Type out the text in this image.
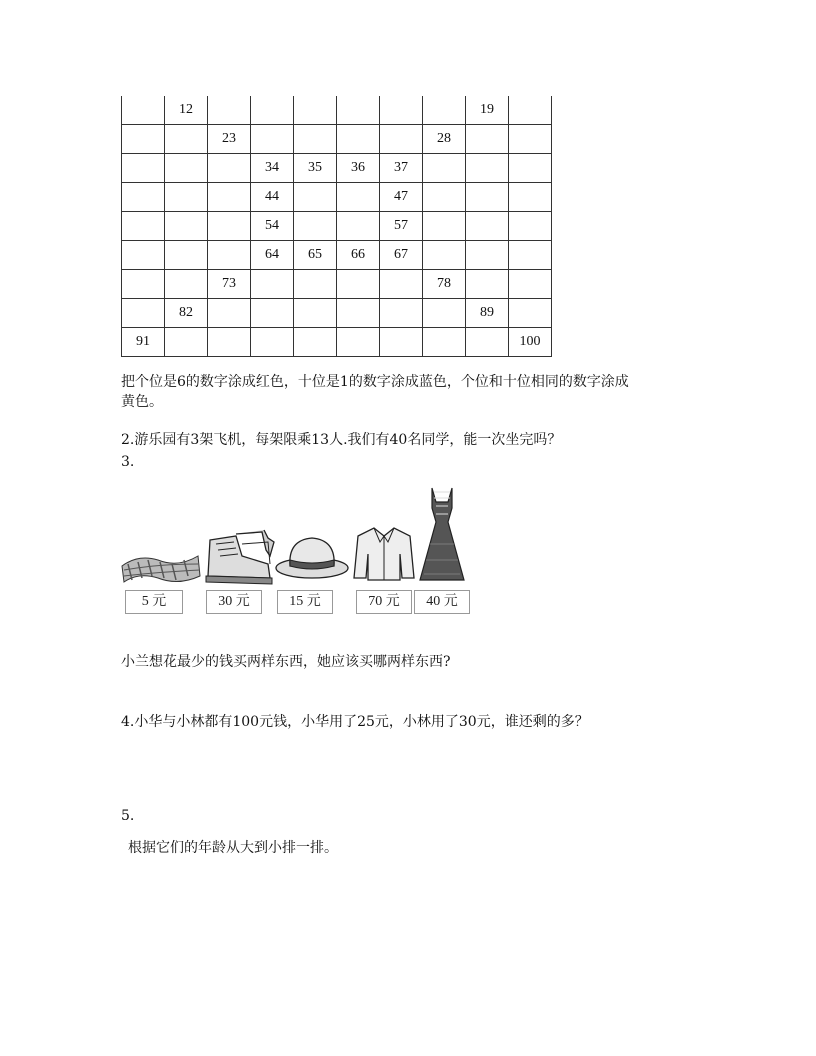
	12							19	
		23					28		
			34	35	36	37			
			44			47			
			54			57			
			64	65	66	67			
		73					78		
	82							89	
91									100
把个位是6的数字涂成红色，十位是1的数字涂成蓝色，个位和十位相同的数字涂成
黄色。
2.游乐园有3架飞机，每架限乘13人.我们有40名同学，能一次坐完吗？
3.
5 元	30 元	15 元	70 元	40 元
小兰想花最少的钱买两样东西，她应该买哪两样东西?
4.小华与小林都有100元钱，小华用了25元，小林用了30元，谁还剩的多？
5.
根据它们的年龄从大到小排一排。
